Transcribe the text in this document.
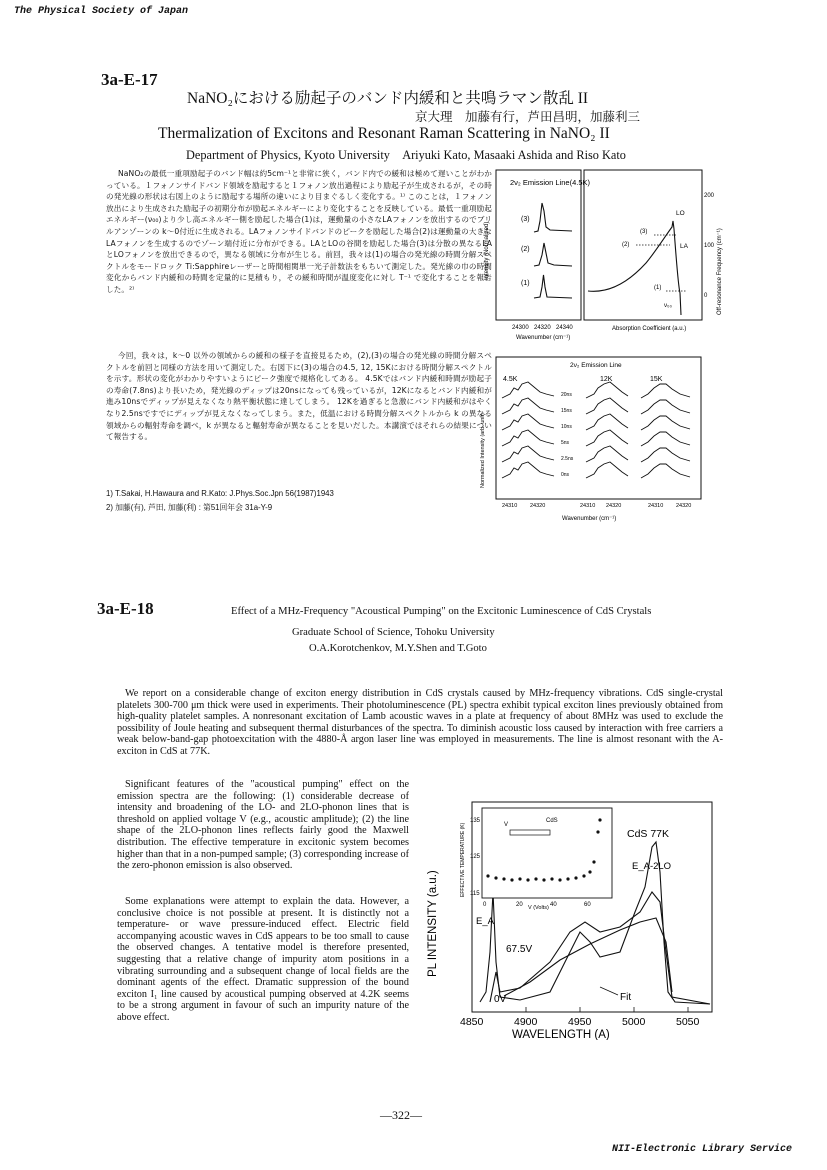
The Physical Society of Japan
NII-Electronic Library Service
—322—
3a-E-17
NaNO₂における励起子のバンド内緩和と共鳴ラマン散乱 II
京大理　加藤有行，芦田昌明，加藤利三
Thermalization of Excitons and Resonant Raman Scattering in NaNO₂ II
Department of Physics, Kyoto University　Ariyuki Kato, Masaaki Ashida and Riso Kato
NaNO₂の最低一重項励起子のバンド幅は約5cm⁻¹と非常に狭く，バンド内での緩和は極めて遅いことがわかっている。１フォノンサイドバンド領域を励起すると１フォノン放出過程により励起子が生成されるが，その時の発光線の形状は右図上のように励起する場所の違いにより目まぐるしく変化する。¹⁾ このことは，１フォノン放出により生成された励起子の初期分布が励起エネルギーにより変化することを反映している。最低一重項励起エネルギー(ν₀₀)より少し高エネルギー側を励起した場合(1)は，運動量の小さなLAフォノンを放出するのでブリルアンゾーンの k～0付近に生成される。LAフォノンサイドバンドのピークを励起した場合(2)は運動量の大きなLAフォノンを生成するのでゾーン端付近に分布ができる。LAとLOの谷間を励起した場合(3)は分散の異なるLAとLOフォノンを放出できるので，異なる領域に分布が生じる。前回，我々は(1)の場合の発光線の時間分解スペクトルをモードロック Ti:Sapphireレーザーと時間相関単一光子計数法をもちいて測定した。発光線の巾の時間変化からバンド内緩和の時間を定量的に見積もり，その緩和時間が温度変化に対し T⁻¹ で変化することを報告した。²⁾
今回，我々は，k～0 以外の領域からの緩和の様子を直接見るため，(2),(3)の場合の発光線の時間分解スペクトルを前回と同様の方法を用いて測定した。右図下に(3)の場合の4.5, 12, 15Kにおける時間分解スペクトルを示す。形状の変化がわかりやすいようにピーク強度で規格化してある。 4.5Kではバンド内緩和時間が励起子の寿命(7.8ns)より長いため，発光線のディップは20nsになっても残っているが，12Kになるとバンド内緩和が進み10nsでディップが見えなくなり熱平衡状態に達してしまう。 12Kを過ぎると急激にバンド内緩和がはやくなり2.5nsですでにディップが見えなくなってしまう。また，低温における時間分解スペクトルから k の異なる領域からの輻射寿命を調べ，k が異なると輻射寿命が異なることを見いだした。本講演ではそれらの結果について報告する。
1) T.Sakai, H.Hawaura and R.Kato: J.Phys.Soc.Jpn 56(1987)1943
2) 加藤(有), 芦田, 加藤(利) : 第51回年会 31a-Y-9
2ν₂ Emission Line(4.5K)
Intensity (Normalized)	Off-resonance Frequency (cm⁻¹)
(3)
(2)
(1)
LO
LA
(3)
(2)
(1)
ν₀₀
200
100
0
24300 24320 24340
Wavenumber (cm⁻¹)
Absorption Coefficient (a.u.)
2ν₂ Emission Line
4.5K	12K	15K
Normalized Intensity (arb. unit)
20ns
15ns
10ns
5ns
2.5ns
0ns
24310 24320	24310 24320	24310 24320
Wavenumber (cm⁻¹)
3a-E-18	Effect of a MHz-Frequency "Acoustical Pumping" on the Excitonic Luminescence of CdS Crystals
Graduate School of Science, Tohoku University
O.A.Korotchenkov, M.Y.Shen and T.Goto
We report on a considerable change of exciton energy distribution in CdS crystals caused by MHz-frequency vibrations. CdS single-crystal platelets 300-700 μm thick were used in experiments. Their photoluminescence (PL) spectra exhibit typical exciton lines previously obtained from high-quality platelet samples. A nonresonant excitation of Lamb acoustic waves in a plate at frequency of about 8MHz was used to exclude the possibility of Joule heating and subsequent thermal disturbances of the spectra. To diminish acoustic loss caused by interaction with free carriers a weak below-band-gap photoexcitation with the 4880-Å argon laser line was employed in measurements. The line is almost resonant with the A-exciton in CdS at 77K.
Significant features of the "acoustical pumping" effect on the emission spectra are the following: (1) considerable decrease of intensity and broadening of the LO- and 2LO-phonon lines that is threshold on applied voltage V (e.g., acoustic amplitude); (2) the line shape of the 2LO-phonon lines reflects fairly good the Maxwell distribution. The effective temperature in excitonic system becomes higher than that in a non-pumped sample; (3) corresponding increase of the zero-phonon emission is also observed.
Some explanations were attempt to explain the data. However, a conclusive choice is not possible at present. It is distinctly not a temperature- or wave pressure-induced effect. Electric field accompanying acoustic waves in CdS appears to be too small to cause the observed changes. A tentative model is therefore presented, suggesting that a relative change of impurity atom positions in a vibrating surrounding and a subsequent change of local fields are the dominant agents of the effect. Dramatic suppression of the bound exciton I₁ line caused by acoustical pumping observed at 4.2K seems to be a strong argument in favour of such an impurity nature of the above effect.
PL INTENSITY (a.u.)
4850	4900	4950	5000	5050
WAVELENGTH (A)
CdS 77K
E_A-2LO
E_A
67.5V
0V	Fit
EFFECTIVE TEMPERATURE (K)
135
125
115
0	20	40	60
V (Volts)
V
CdS
